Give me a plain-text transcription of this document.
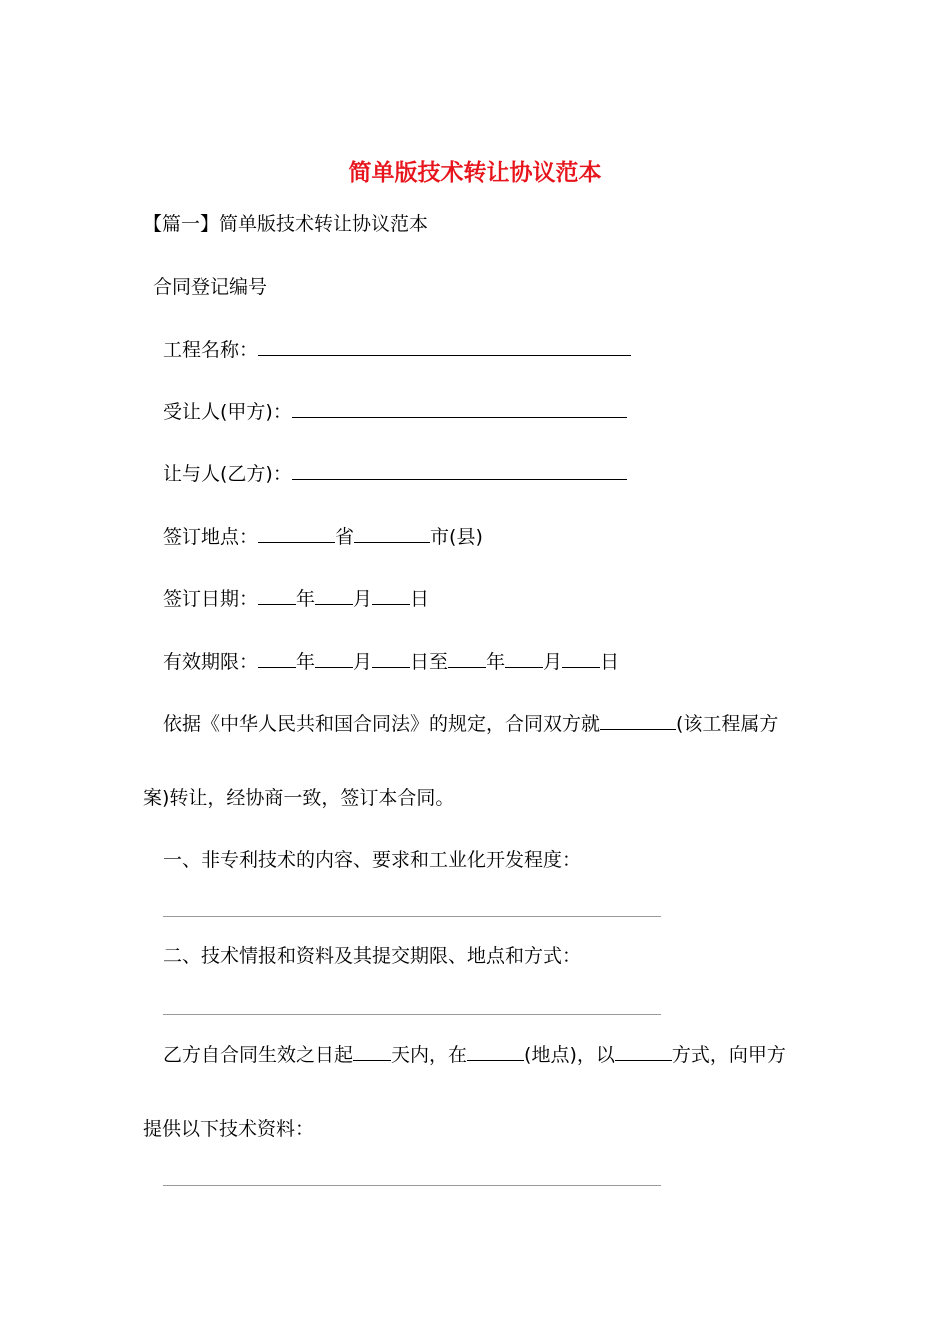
简单版技术转让协议范本
【篇一】简单版技术转让协议范本
合同登记编号
工程名称：
受让人(甲方)：
让与人(乙方)：
签订地点：	省	市(县)
签订日期： 年 月 日
有效期限： 年 月 日至 年 月 日
依据《中华人民共和国合同法》的规定，合同双方就	(该工程属方
案)转让，经协商一致，签订本合同。
一、非专利技术的内容、要求和工业化开发程度：
二、技术情报和资料及其提交期限、地点和方式：
乙方自合同生效之日起 天内，在	(地点)，以	方式，向甲方
提供以下技术资料：
